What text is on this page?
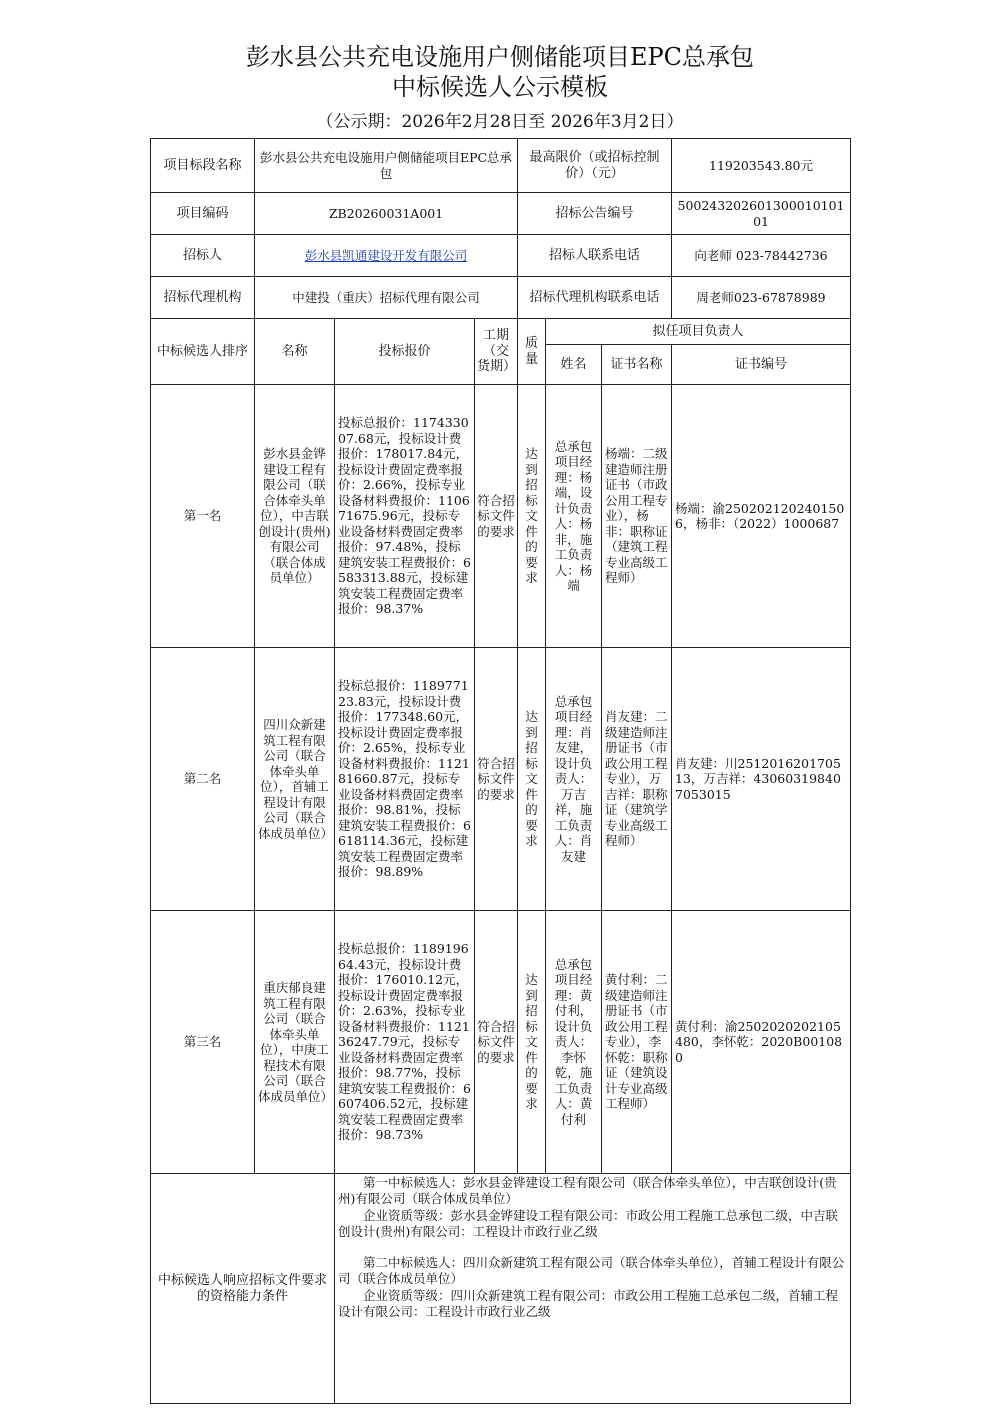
彭水县公共充电设施用户侧储能项目EPC总承包
中标候选人公示模板
（公示期：2026年2月28日至 2026年3月2日）
项目标段名称	彭水县公共充电设施用户侧储能项目EPC总承包			最高限价（或招标控制价）（元）			119203543.80元
项目编码	ZB20260031A001			招标公告编号			500243202601300010101 01
招标人	彭水县凯通建设开发有限公司			招标人联系电话			向老师 023-78442736
招标代理机构	中建投（重庆）招标代理有限公司			招标代理机构联系电话			周老师023-67878989
中标候选人排序	名称	投标报价	工期（交货期）	质量	拟任项目负责人		
					姓名	证书名称	证书编号
第一名	彭水县金铧建设工程有限公司（联合体牵头单位），中吉联创设计(贵州)有限公司（联合体成员单位）	投标总报价：117433007.68元，投标设计费报价：178017.84元，投标设计费固定费率报价：2.66%，投标专业设备材料费报价：110671675.96元，投标专业设备材料费固定费率报价：97.48%，投标建筑安装工程费报价：6583313.88元，投标建筑安装工程费固定费率报价：98.37%	符合招标文件的要求	达到招标文件的要求	总承包项目经理：杨端，设计负责人：杨非，施工负责人：杨端	杨端：二级建造师注册证书（市政公用工程专业），杨非：职称证（建筑工程专业高级工程师）	杨端：渝2502021202401506，杨非：（2022）1000687
第二名	四川众新建筑工程有限公司（联合体牵头单位），首辅工程设计有限公司（联合体成员单位）	投标总报价：118977123.83元，投标设计费报价：177348.60元，投标设计费固定费率报价：2.65%，投标专业设备材料费报价：112181660.87元，投标专业设备材料费固定费率报价：98.81%，投标建筑安装工程费报价：6618114.36元，投标建筑安装工程费固定费率报价：98.89%	符合招标文件的要求	达到招标文件的要求	总承包项目经理：肖友建，设计负责人：万吉祥，施工负责人：肖友建	肖友建：二级建造师注册证书（市政公用工程专业），万吉祥：职称证（建筑学专业高级工程师）	肖友建：川251201620170513，万吉祥：430603198407053015
第三名	重庆郁良建筑工程有限公司（联合体牵头单位），中庚工程技术有限公司（联合体成员单位）	投标总报价：118919664.43元，投标设计费报价：176010.12元，投标设计费固定费率报价：2.63%，投标专业设备材料费报价：112136247.79元，投标专业设备材料费固定费率报价：98.77%，投标建筑安装工程费报价：6607406.52元，投标建筑安装工程费固定费率报价：98.73%	符合招标文件的要求	达到招标文件的要求	总承包项目经理：黄付利，设计负责人：李怀乾，施工负责人：黄付利	黄付利：二级建造师注册证书（市政公用工程专业），李怀乾：职称证（建筑设计专业高级工程师）	黄付利：渝2502020202105480，李怀乾：2020B001080
中标候选人响应招标文件要求的资格能力条件		第一中标候选人：彭水县金铧建设工程有限公司（联合体牵头单位），中吉联创设计(贵州)有限公司（联合体成员单位）

企业资质等级：彭水县金铧建设工程有限公司：市政公用工程施工总承包二级，中吉联创设计(贵州)有限公司：工程设计市政行业乙级

第二中标候选人：四川众新建筑工程有限公司（联合体牵头单位），首辅工程设计有限公司（联合体成员单位）

企业资质等级：四川众新建筑工程有限公司：市政公用工程施工总承包二级，首辅工程设计有限公司：工程设计市政行业乙级					
